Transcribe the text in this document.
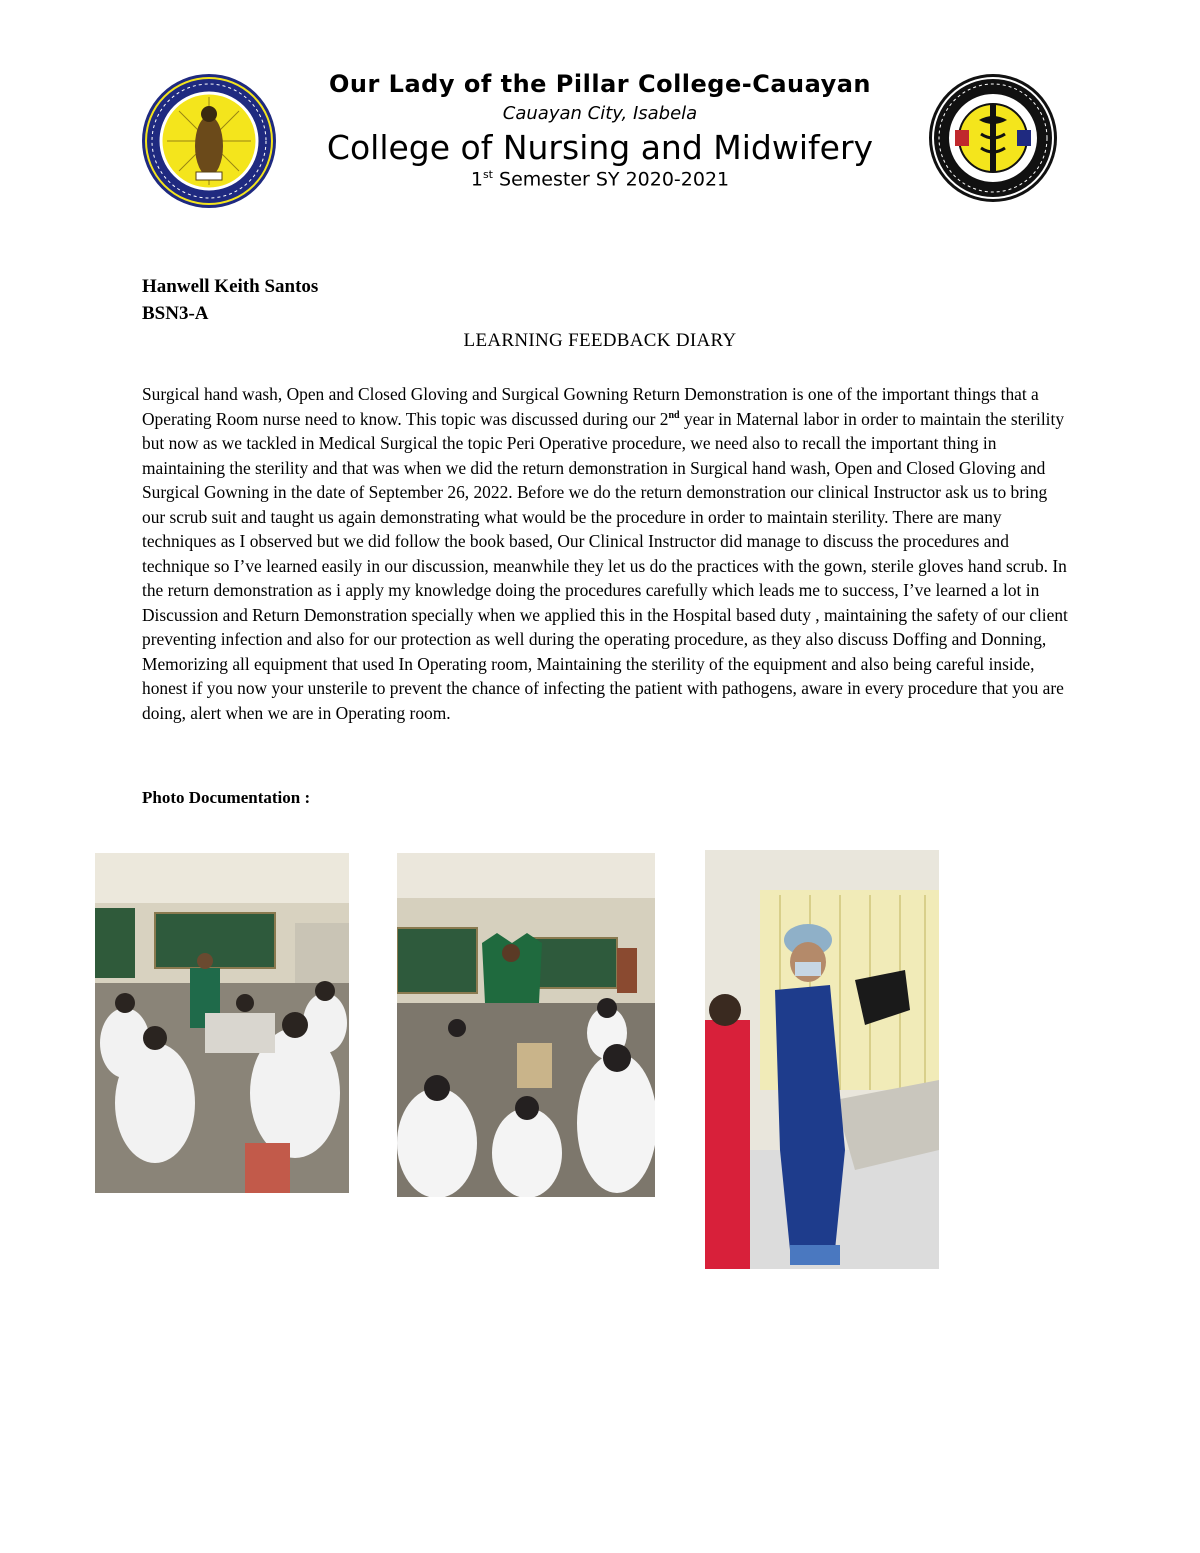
Our Lady of the Pillar College-Cauayan
Cauayan City, Isabela
College of Nursing and Midwifery
1st Semester SY 2020-2021
Hanwell Keith Santos
BSN3-A
LEARNING FEEDBACK DIARY
Surgical hand wash, Open and Closed Gloving and Surgical Gowning Return Demonstration is one of the important things that a Operating Room nurse need to know. This topic was discussed during our 2nd year in Maternal labor in order to maintain the sterility but now as we tackled in Medical Surgical the topic Peri Operative procedure, we need also to recall the important thing in maintaining the sterility and that was when we did the return demonstration in Surgical hand wash, Open and Closed Gloving and Surgical Gowning in the date of September 26, 2022. Before we do the return demonstration our clinical Instructor ask us to bring our scrub suit and taught us again demonstrating what would be the procedure in order to maintain sterility. There are many techniques as I observed but we did follow the book based, Our Clinical Instructor did manage to discuss the procedures and technique so I’ve learned easily in our discussion, meanwhile they let us do the practices with the gown, sterile gloves hand scrub. In the return demonstration as i apply my knowledge doing the procedures carefully which leads me to success, I’ve learned a lot in Discussion and Return Demonstration specially when we applied this in the Hospital based duty , maintaining the safety of our client preventing infection and also for our protection as well during the operating procedure, as they also discuss Doffing and Donning, Memorizing all equipment that used In Operating room, Maintaining the sterility of the equipment and also being careful inside, honest if you now your unsterile to prevent the chance of infecting the patient with pathogens, aware in every procedure that you are doing, alert when we are in Operating room.
Photo Documentation :
